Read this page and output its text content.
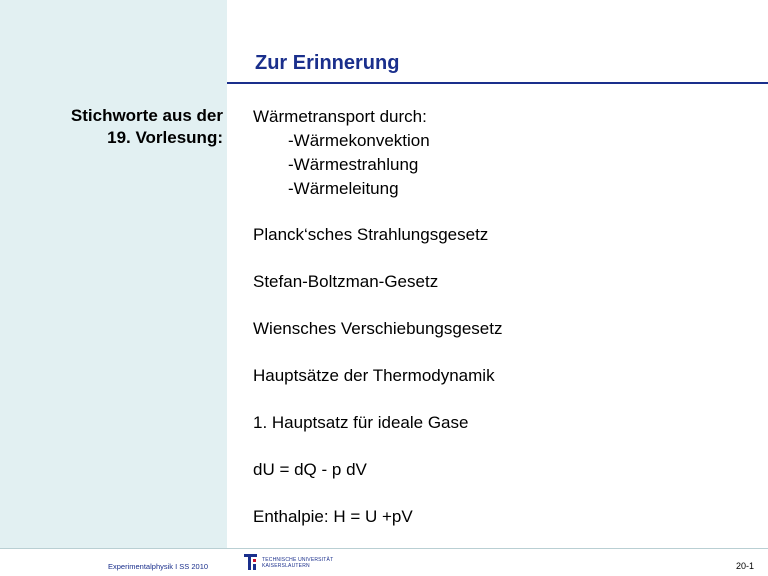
Zur Erinnerung
Stichworte aus der
19. Vorlesung:

Wärmetransport durch:

-Wärmekonvektion

-Wärmestrahlung

-Wärmeleitung

Planck‘sches Strahlungsgesetz

Stefan-Boltzman-Gesetz

Wiensches Verschiebungsgesetz

Hauptsätze der Thermodynamik

1. Hauptsatz für ideale Gase

dU = dQ - p dV

Enthalpie: H = U +pV

Experimentalphysik I SS 2010
TECHNISCHE UNIVERSITÄT
KAISERSLAUTERN	20-1
